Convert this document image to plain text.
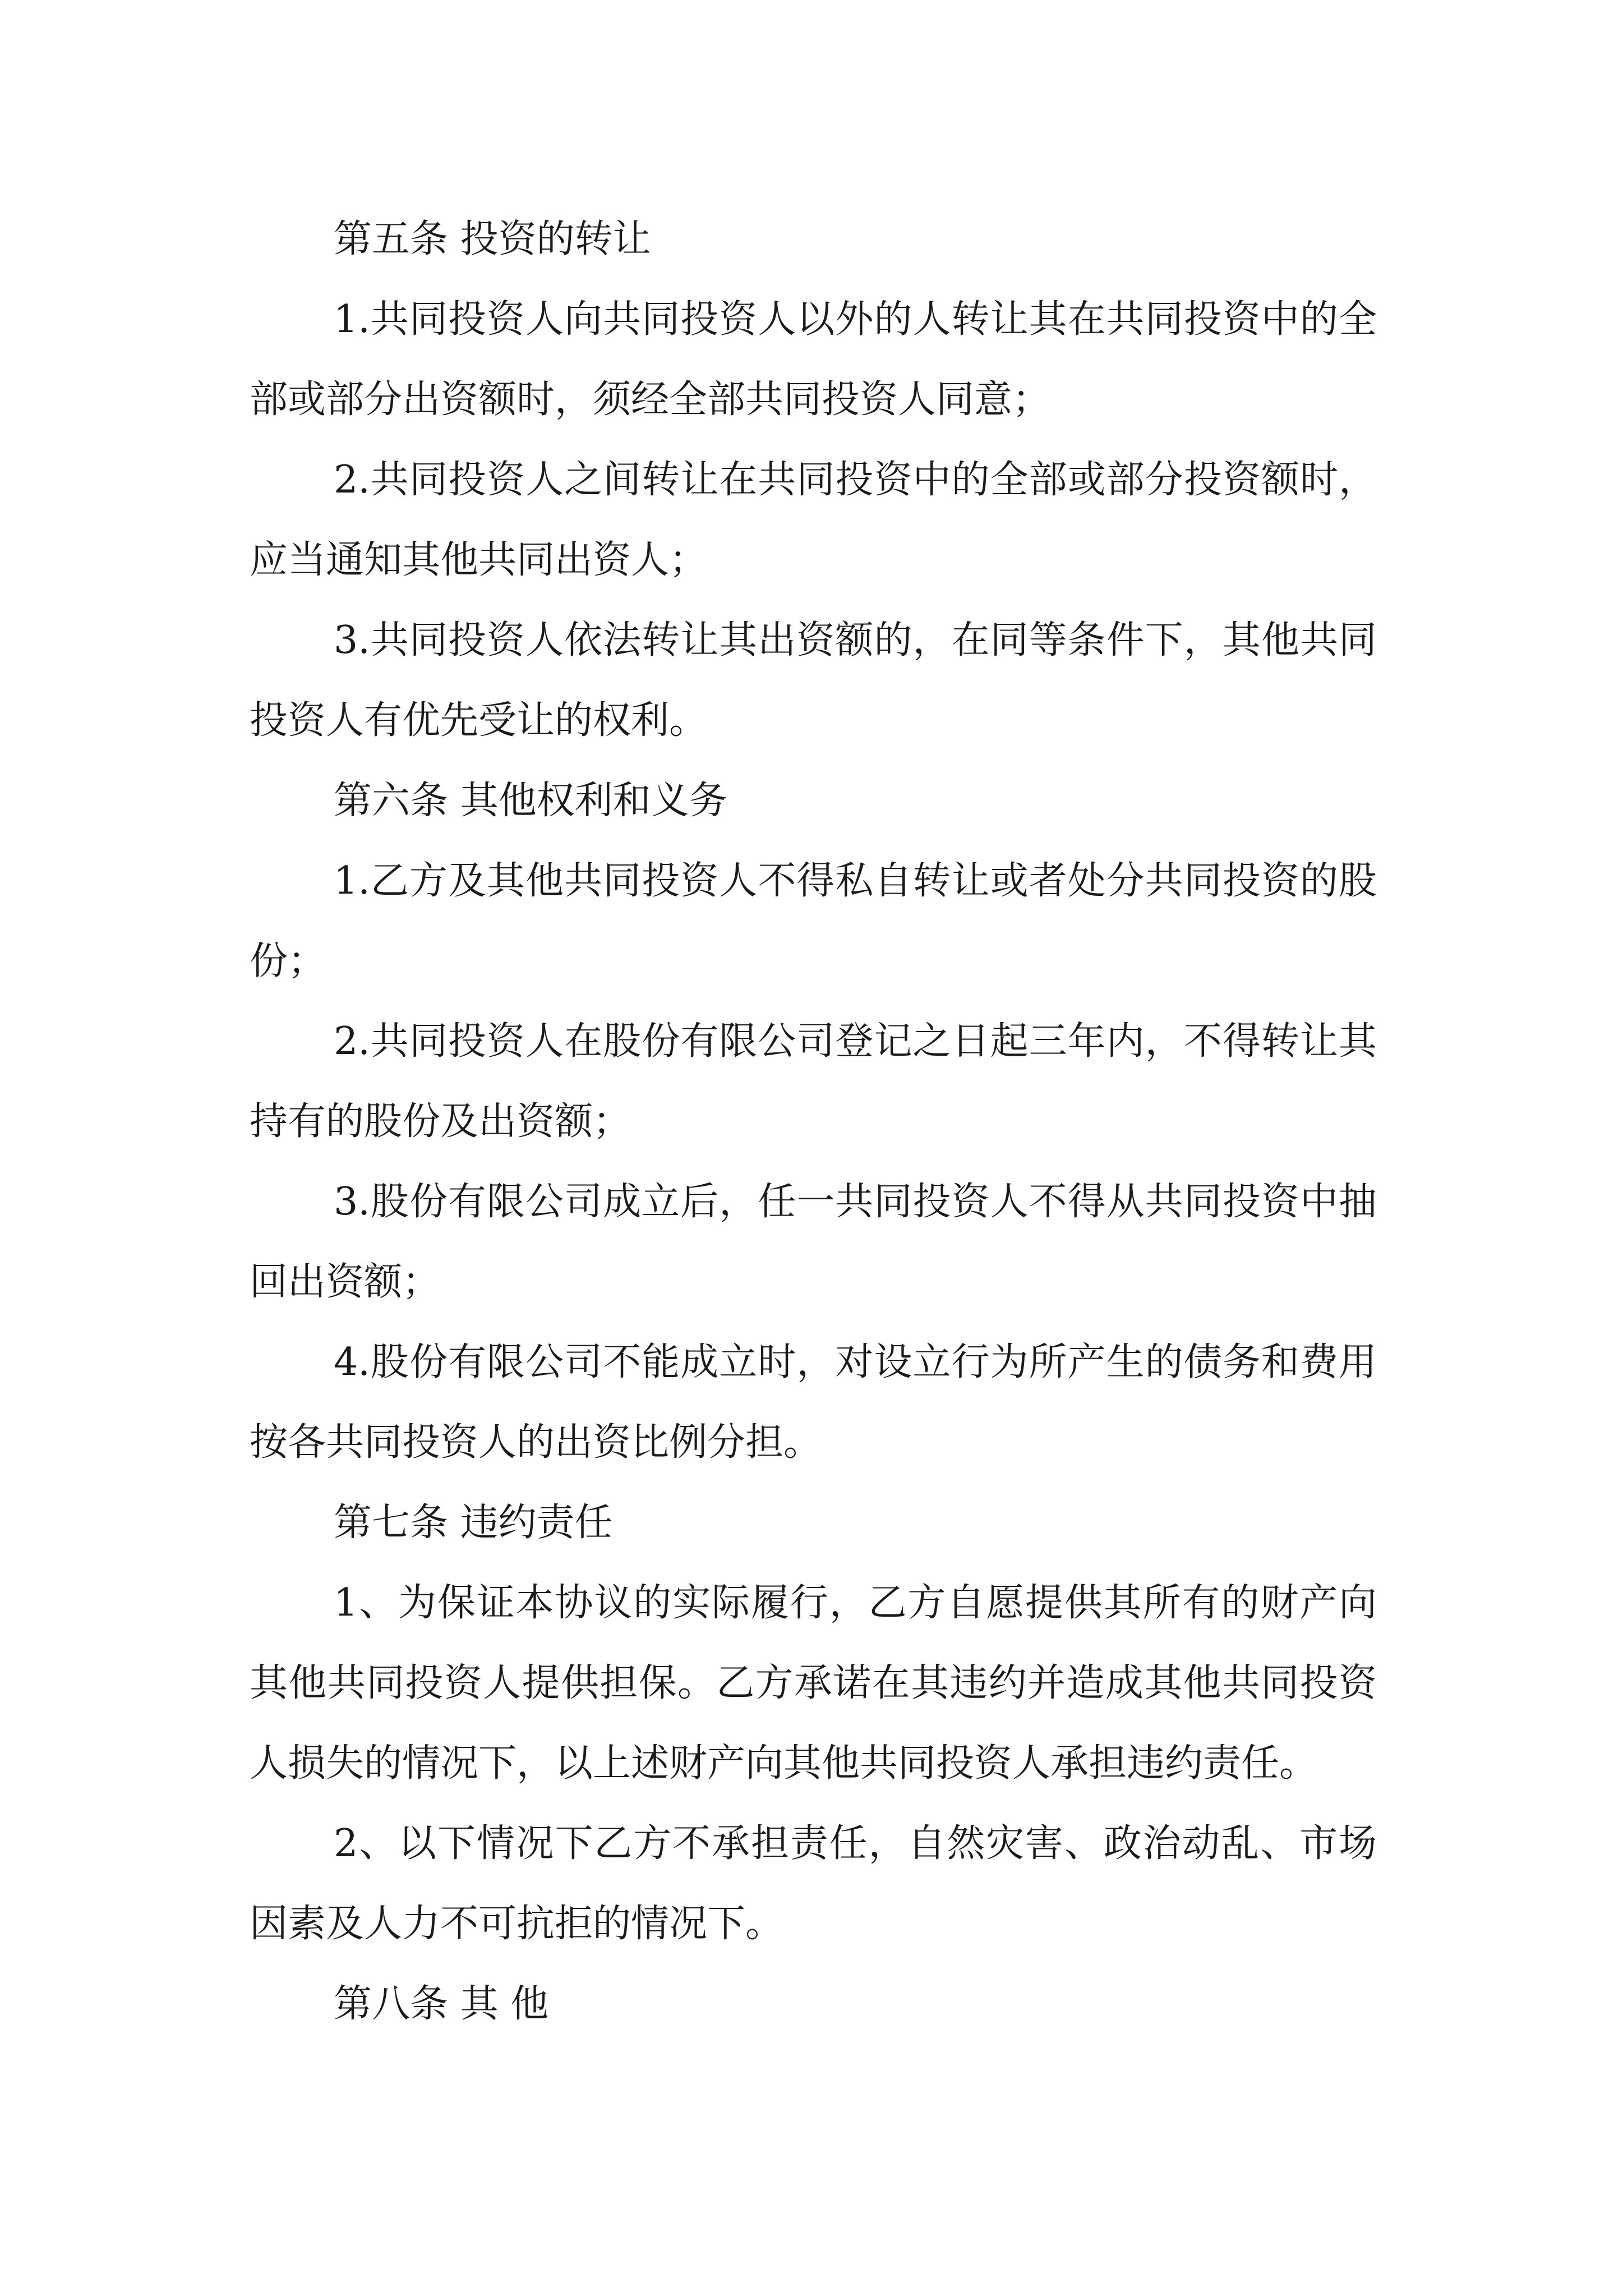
第五条 投资的转让

1.共同投资人向共同投资人以外的人转让其在共同投资中的全部或部分出资额时，须经全部共同投资人同意；

2.共同投资人之间转让在共同投资中的全部或部分投资额时，应当通知其他共同出资人；

3.共同投资人依法转让其出资额的，在同等条件下，其他共同投资人有优先受让的权利。

第六条 其他权利和义务

1.乙方及其他共同投资人不得私自转让或者处分共同投资的股份；

2.共同投资人在股份有限公司登记之日起三年内，不得转让其持有的股份及出资额；

3.股份有限公司成立后，任一共同投资人不得从共同投资中抽回出资额；

4.股份有限公司不能成立时，对设立行为所产生的债务和费用按各共同投资人的出资比例分担。

第七条 违约责任

1、为保证本协议的实际履行，乙方自愿提供其所有的财产向其他共同投资人提供担保。乙方承诺在其违约并造成其他共同投资人损失的情况下，以上述财产向其他共同投资人承担违约责任。

2、以下情况下乙方不承担责任，自然灾害、政治动乱、市场因素及人力不可抗拒的情况下。

第八条 其 他
